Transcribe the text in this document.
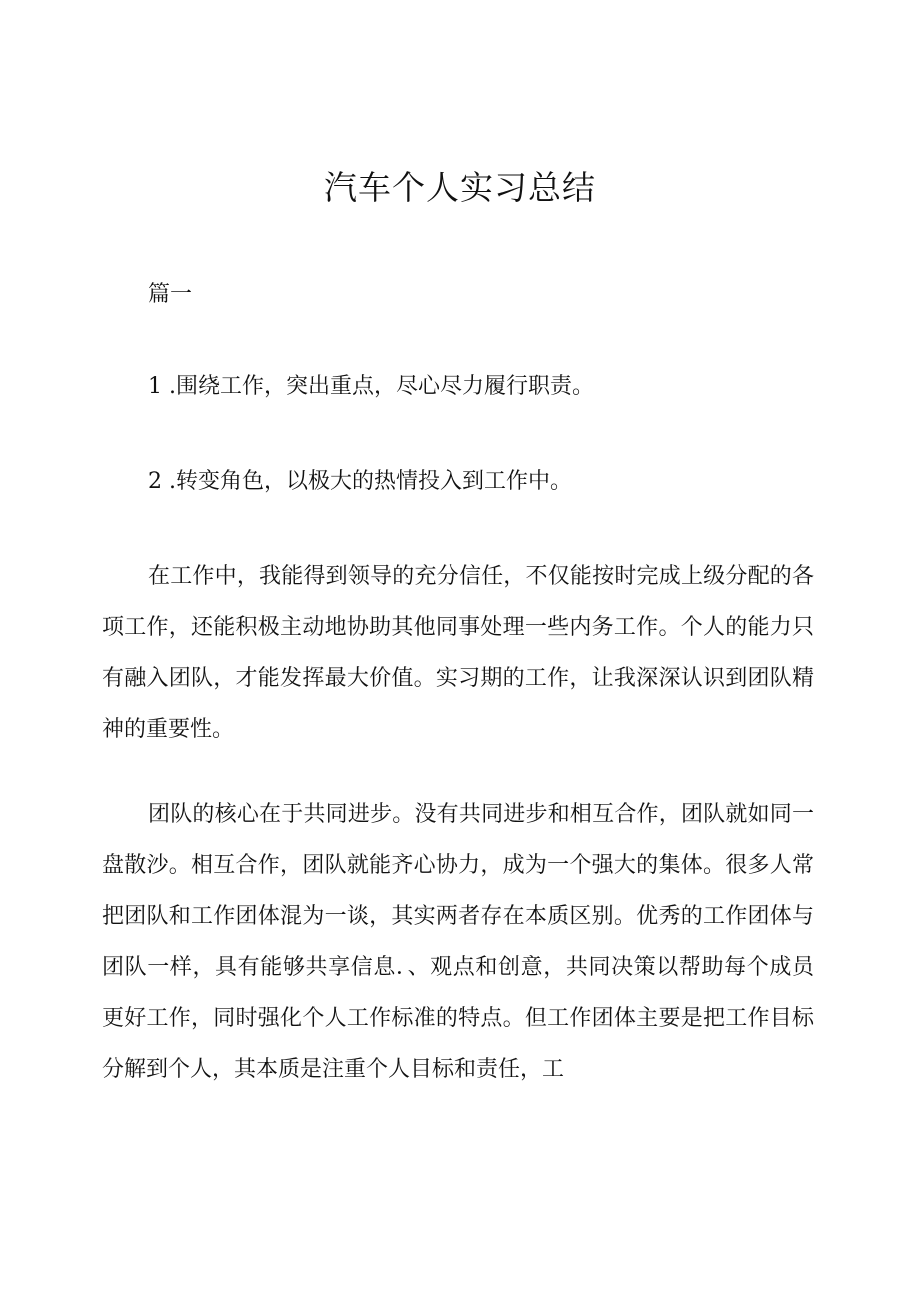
汽车个人实习总结
篇一
1 .围绕工作，突出重点，尽心尽力履行职责。
2 .转变角色，以极大的热情投入到工作中。

在工作中，我能得到领导的充分信任，不仅能按时完成上级分配的各项工作，还能积极主动地协助其他同事处理一些内务工作。个人的能力只有融入团队，才能发挥最大价值。实习期的工作，让我深深认识到团队精神的重要性。

团队的核心在于共同进步。没有共同进步和相互合作，团队就如同一盘散沙。相互合作，团队就能齐心协力，成为一个强大的集体。很多人常把团队和工作团体混为一谈，其实两者存在本质区别。优秀的工作团体与团队一样，具有能够共享信息．、观点和创意，共同决策以帮助每个成员更好工作，同时强化个人工作标准的特点。但工作团体主要是把工作目标分解到个人，其本质是注重个人目标和责任，工
